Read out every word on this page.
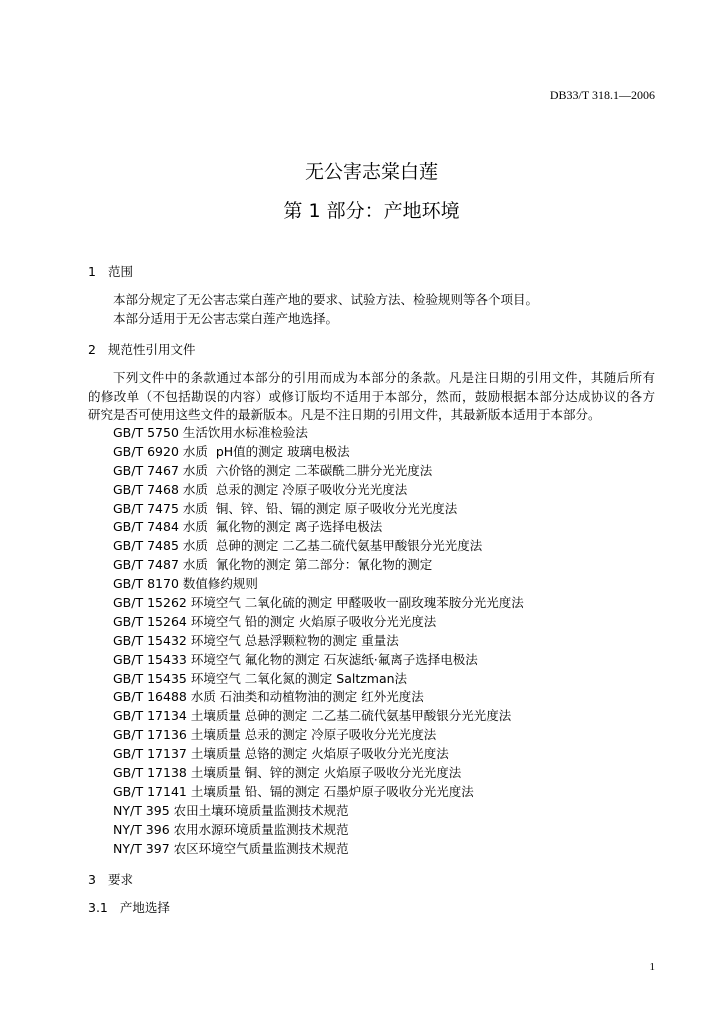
DB33/T 318.1—2006
无公害志棠白莲
第 1 部分：产地环境
1 范围
本部分规定了无公害志棠白莲产地的要求、试验方法、检验规则等各个项目。
本部分适用于无公害志棠白莲产地选择。
2 规范性引用文件
下列文件中的条款通过本部分的引用而成为本部分的条款。凡是注日期的引用文件，其随后所有
的修改单（不包括勘误的内容）或修订版均不适用于本部分，然而，鼓励根据本部分达成协议的各方
研究是否可使用这些文件的最新版本。凡是不注日期的引用文件，其最新版本适用于本部分。
GB/T 5750 生活饮用水标准检验法
GB/T 6920 水质  pH值的测定 玻璃电极法
GB/T 7467 水质  六价铬的测定 二苯碳酰二肼分光光度法
GB/T 7468 水质  总汞的测定 冷原子吸收分光光度法
GB/T 7475 水质  铜、锌、铅、镉的测定 原子吸收分光光度法
GB/T 7484 水质  氟化物的测定 离子选择电极法
GB/T 7485 水质  总砷的测定 二乙基二硫代氨基甲酸银分光光度法
GB/T 7487 水质  氰化物的测定 第二部分：氰化物的测定
GB/T 8170 数值修约规则
GB/T 15262 环境空气 二氧化硫的测定 甲醛吸收一副玫瑰苯胺分光光度法
GB/T 15264 环境空气 铅的测定 火焰原子吸收分光光度法
GB/T 15432 环境空气 总悬浮颗粒物的测定 重量法
GB/T 15433 环境空气 氟化物的测定 石灰滤纸·氟离子选择电极法
GB/T 15435 环境空气 二氧化氮的测定 Saltzman法
GB/T 16488 水质 石油类和动植物油的测定 红外光度法
GB/T 17134 土壤质量 总砷的测定 二乙基二硫代氨基甲酸银分光光度法
GB/T 17136 土壤质量 总汞的测定 冷原子吸收分光光度法
GB/T 17137 土壤质量 总铬的测定 火焰原子吸收分光光度法
GB/T 17138 土壤质量 铜、锌的测定 火焰原子吸收分光光度法
GB/T 17141 土壤质量 铅、镉的测定 石墨炉原子吸收分光光度法
NY/T 395 农田土壤环境质量监测技术规范
NY/T 396 农用水源环境质量监测技术规范
NY/T 397 农区环境空气质量监测技术规范
3 要求
3.1 产地选择
1
